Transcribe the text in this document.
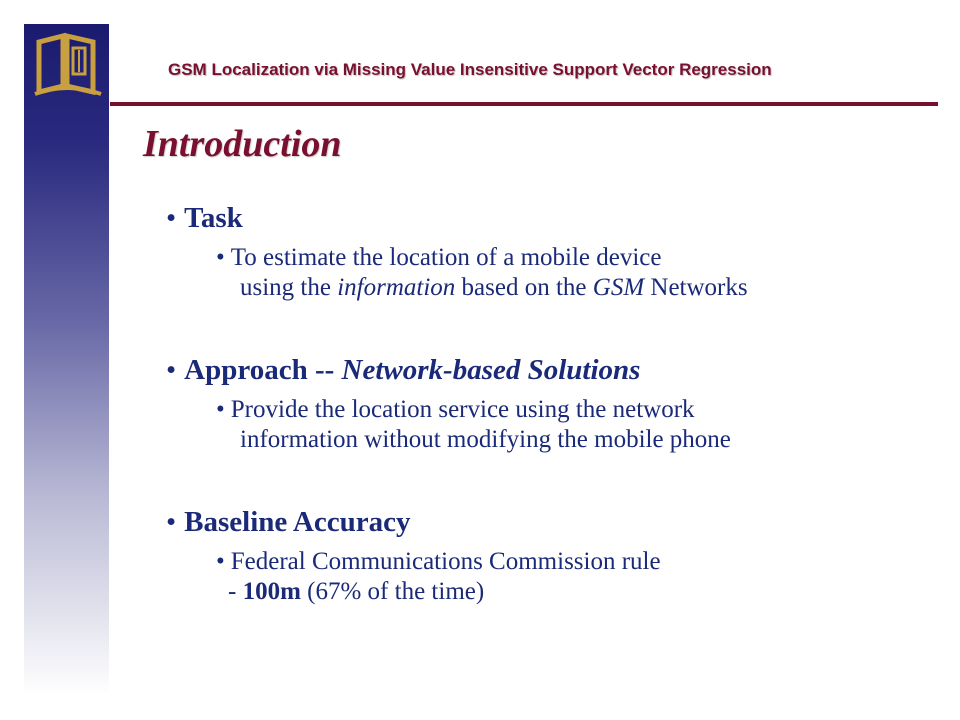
GSM Localization via Missing Value Insensitive Support Vector Regression
Introduction
• Task
• To estimate the location of a mobile device
using the information based on the GSM Networks
• Approach -- Network-based Solutions
• Provide the location service using the network
information without modifying the mobile phone
• Baseline Accuracy
• Federal Communications Commission rule
- 100m (67% of the time)
